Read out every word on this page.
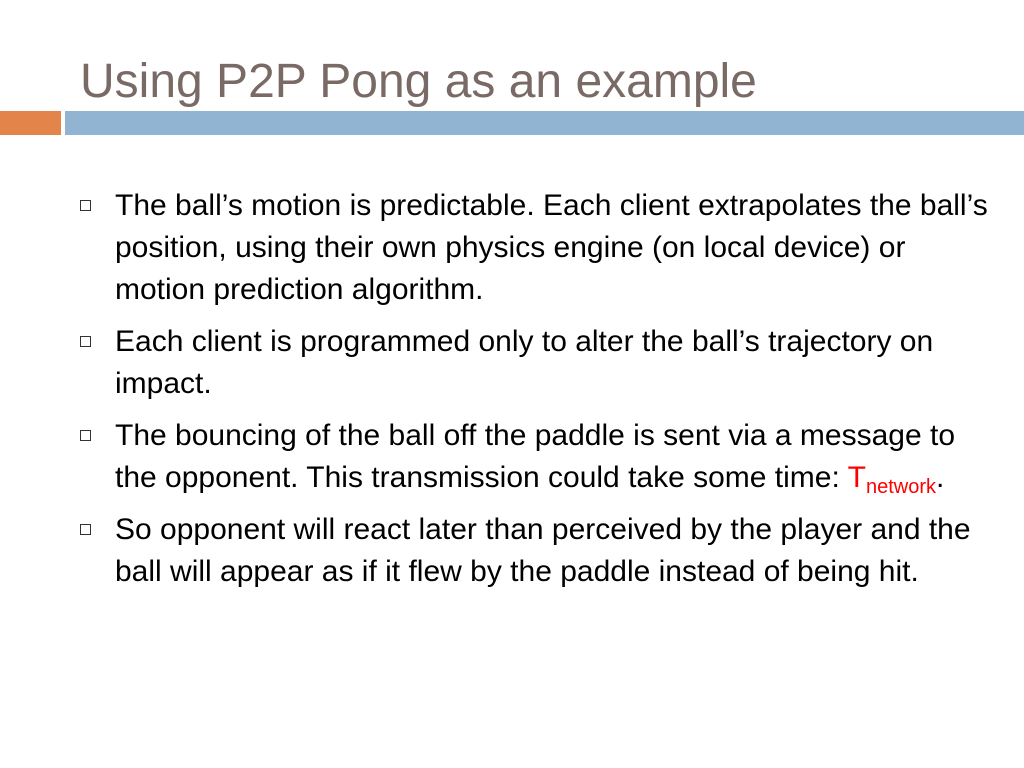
Using P2P Pong as an example
The ball’s motion is predictable. Each client extrapolates the ball’s position, using their own physics engine (on local device) or motion prediction algorithm.
Each client is programmed only to alter the ball’s trajectory on impact.
The bouncing of the ball off the paddle is sent via a message to the opponent. This transmission could take some time: $T_{network}$.
So opponent will react later than perceived by the player and the ball will appear as if it flew by the paddle instead of being hit.
